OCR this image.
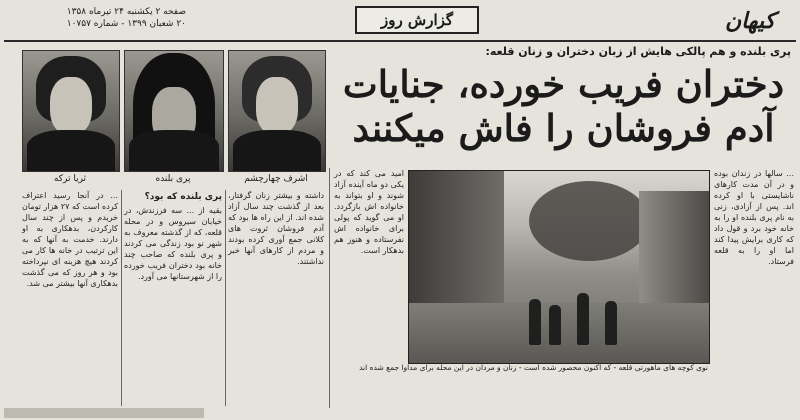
صفحه ۲ یکشنبه ۲۴ تیرماه ۱۳۵۸
۲۰ شعبان ۱۳۹۹ - شماره ۱۰۷۵۷	گزارش روز	کیهان
ثریا ترکه	پری بلنده	اشرف چهارچشم
پری بلنده و هم پالکی هایش از زبان دختران و زنان قلعه:
دختران فریب خورده، جنایات
آدم فروشان را فاش میکنند
... در آنجا رسید اعتراف کرده است که ۲۷ هزار تومان خریدم و پس از چند سال کارکردن، بدهکاری به او دارند. خدمت به آنها که به این ترتیب در خانه ها کار می کردند هیچ هزینه ای نپرداخته بود و هر روز که می گذشت بدهکاری آنها بیشتر می شد.
پری بلنده که بود؟
بقیه از ... سه فرزندش، در خیابان سیروس و در محله قلعه، که از گذشته معروف به شهر نو بود زندگی می کردند و پری بلنده که صاحب چند خانه بود دختران فریب خورده را از شهرستانها می آورد.
داشته و بیشتر زنان گرفتار، بعد از گذشت چند سال آزاد شده اند. از این راه ها بود که آدم فروشان ثروت های کلانی جمع آوری کرده بودند و مردم از کارهای آنها خبر نداشتند.
امید می کند که در یکی دو ماه آینده آزاد شوند و او بتواند به خانواده اش بازگردد. او می گوید که پولی برای خانواده اش نفرستاده و هنوز هم بدهکار است.
... سالها در زندان بوده و در آن مدت کارهای ناشایستی با او کرده اند. پس از آزادی، زنی به نام پری بلنده او را به خانه خود برد و قول داد که کاری برایش پیدا کند اما او را به قلعه فرستاد.
نوی کوچه های ماهورتی قلعه - که اکنون محصور شده است - زنان و مردان در این محله برای مداوا جمع شده اند
